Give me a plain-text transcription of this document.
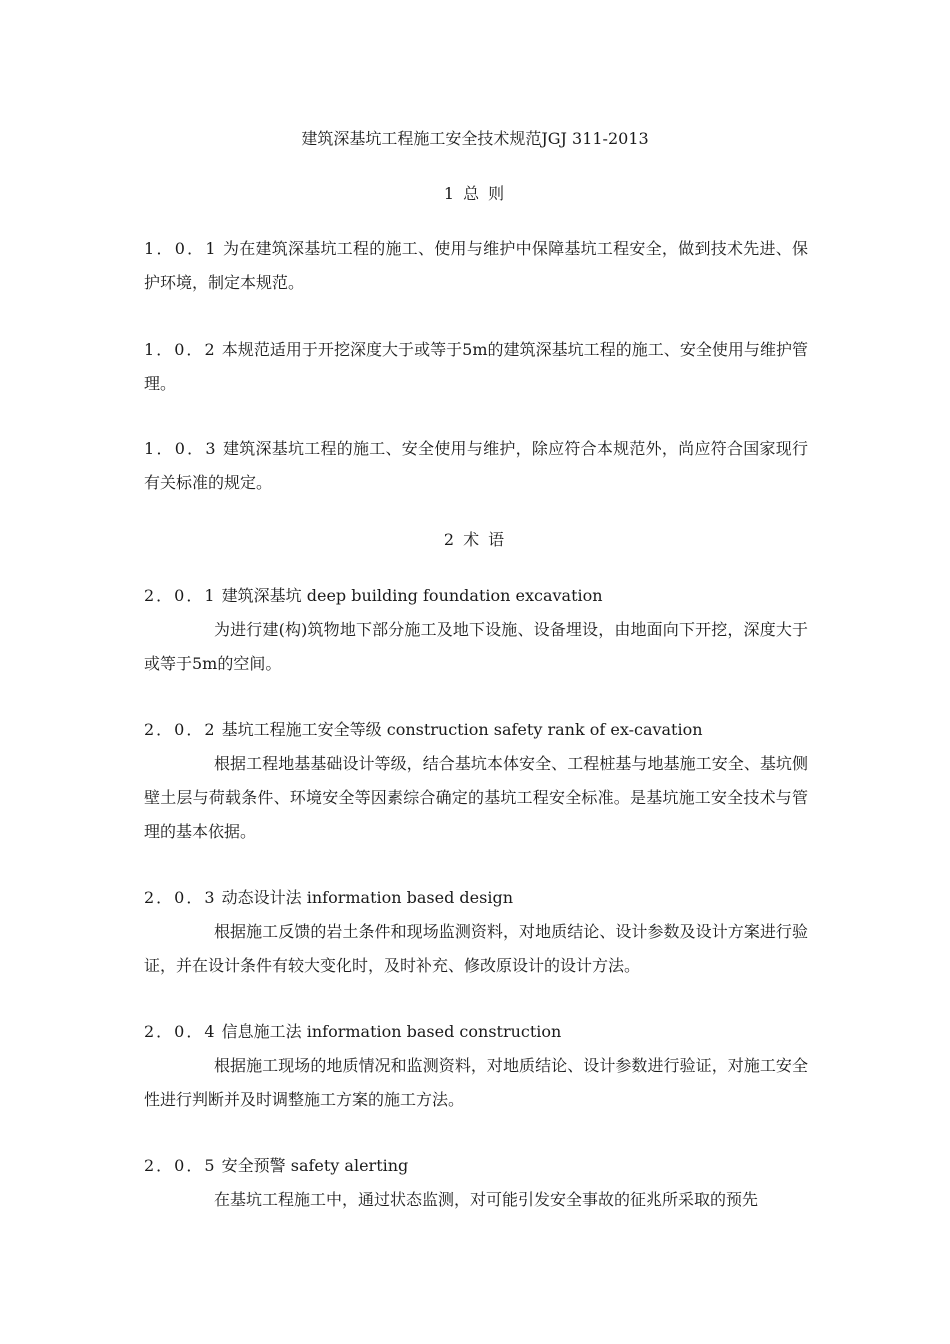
建筑深基坑工程施工安全技术规范JGJ 311-2013
1 总 则
1．0．1 为在建筑深基坑工程的施工、使用与维护中保障基坑工程安全，做到技术先进、保护环境，制定本规范。
1．0．2 本规范适用于开挖深度大于或等于5m的建筑深基坑工程的施工、安全使用与维护管理。
1．0．3 建筑深基坑工程的施工、安全使用与维护，除应符合本规范外，尚应符合国家现行有关标准的规定。
2 术 语
2．0．1 建筑深基坑 deep building foundation excavation
为进行建(构)筑物地下部分施工及地下设施、设备埋设，由地面向下开挖，深度大于或等于5m的空间。
2．0．2 基坑工程施工安全等级 construction safety rank of ex-cavation
根据工程地基基础设计等级，结合基坑本体安全、工程桩基与地基施工安全、基坑侧壁土层与荷载条件、环境安全等因素综合确定的基坑工程安全标准。是基坑施工安全技术与管理的基本依据。
2．0．3 动态设计法 information based design
根据施工反馈的岩土条件和现场监测资料，对地质结论、设计参数及设计方案进行验证，并在设计条件有较大变化时，及时补充、修改原设计的设计方法。
2．0．4 信息施工法 information based construction
根据施工现场的地质情况和监测资料，对地质结论、设计参数进行验证，对施工安全性进行判断并及时调整施工方案的施工方法。
2．0．5 安全预警 safety alerting
在基坑工程施工中，通过状态监测，对可能引发安全事故的征兆所采取的预先
